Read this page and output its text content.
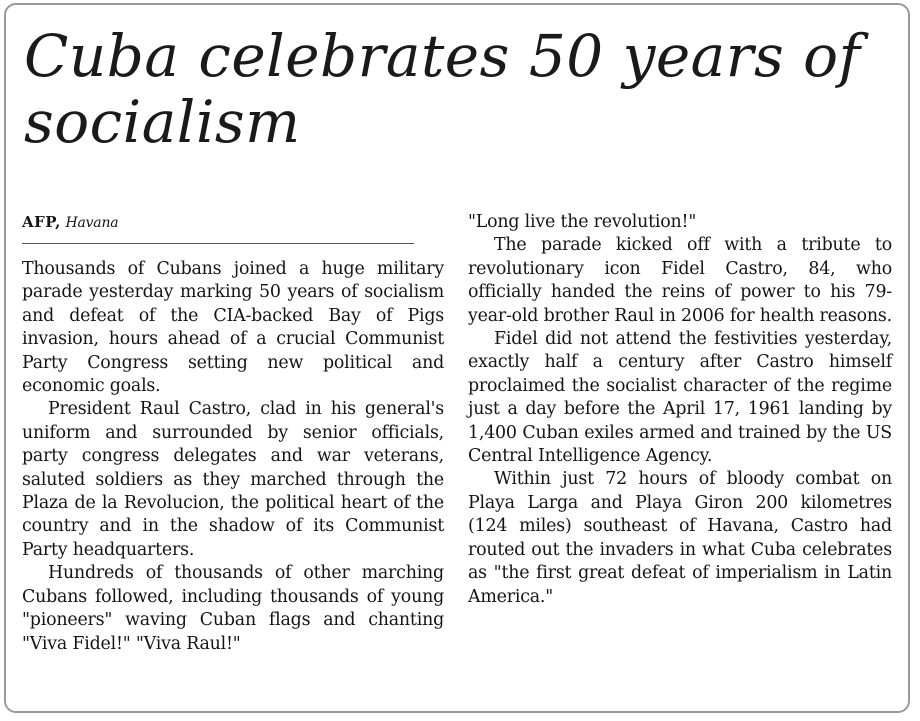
Cuba celebrates 50 years of socialism
AFP, Havana

Thousands of Cubans joined a huge military parade yesterday marking 50 years of socialism and defeat of the CIA-backed Bay of Pigs invasion, hours ahead of a crucial Communist Party Congress setting new political and economic goals.

President Raul Castro, clad in his general's uniform and surrounded by senior officials, party congress delegates and war veterans, saluted soldiers as they marched through the Plaza de la Revolucion, the political heart of the country and in the shadow of its Communist Party headquarters.

Hundreds of thousands of other marching Cubans followed, including thousands of young "pioneers" waving Cuban flags and chanting "Viva Fidel!" "Viva Raul!"

"Long live the revolution!"

The parade kicked off with a tribute to revolutionary icon Fidel Castro, 84, who officially handed the reins of power to his 79-year-old brother Raul in 2006 for health reasons.

Fidel did not attend the festivities yesterday, exactly half a century after Castro himself proclaimed the socialist character of the regime just a day before the April 17, 1961 landing by 1,400 Cuban exiles armed and trained by the US Central Intelligence Agency.

Within just 72 hours of bloody combat on Playa Larga and Playa Giron 200 kilometres (124 miles) southeast of Havana, Castro had routed out the invaders in what Cuba celebrates as "the first great defeat of imperialism in Latin America."
